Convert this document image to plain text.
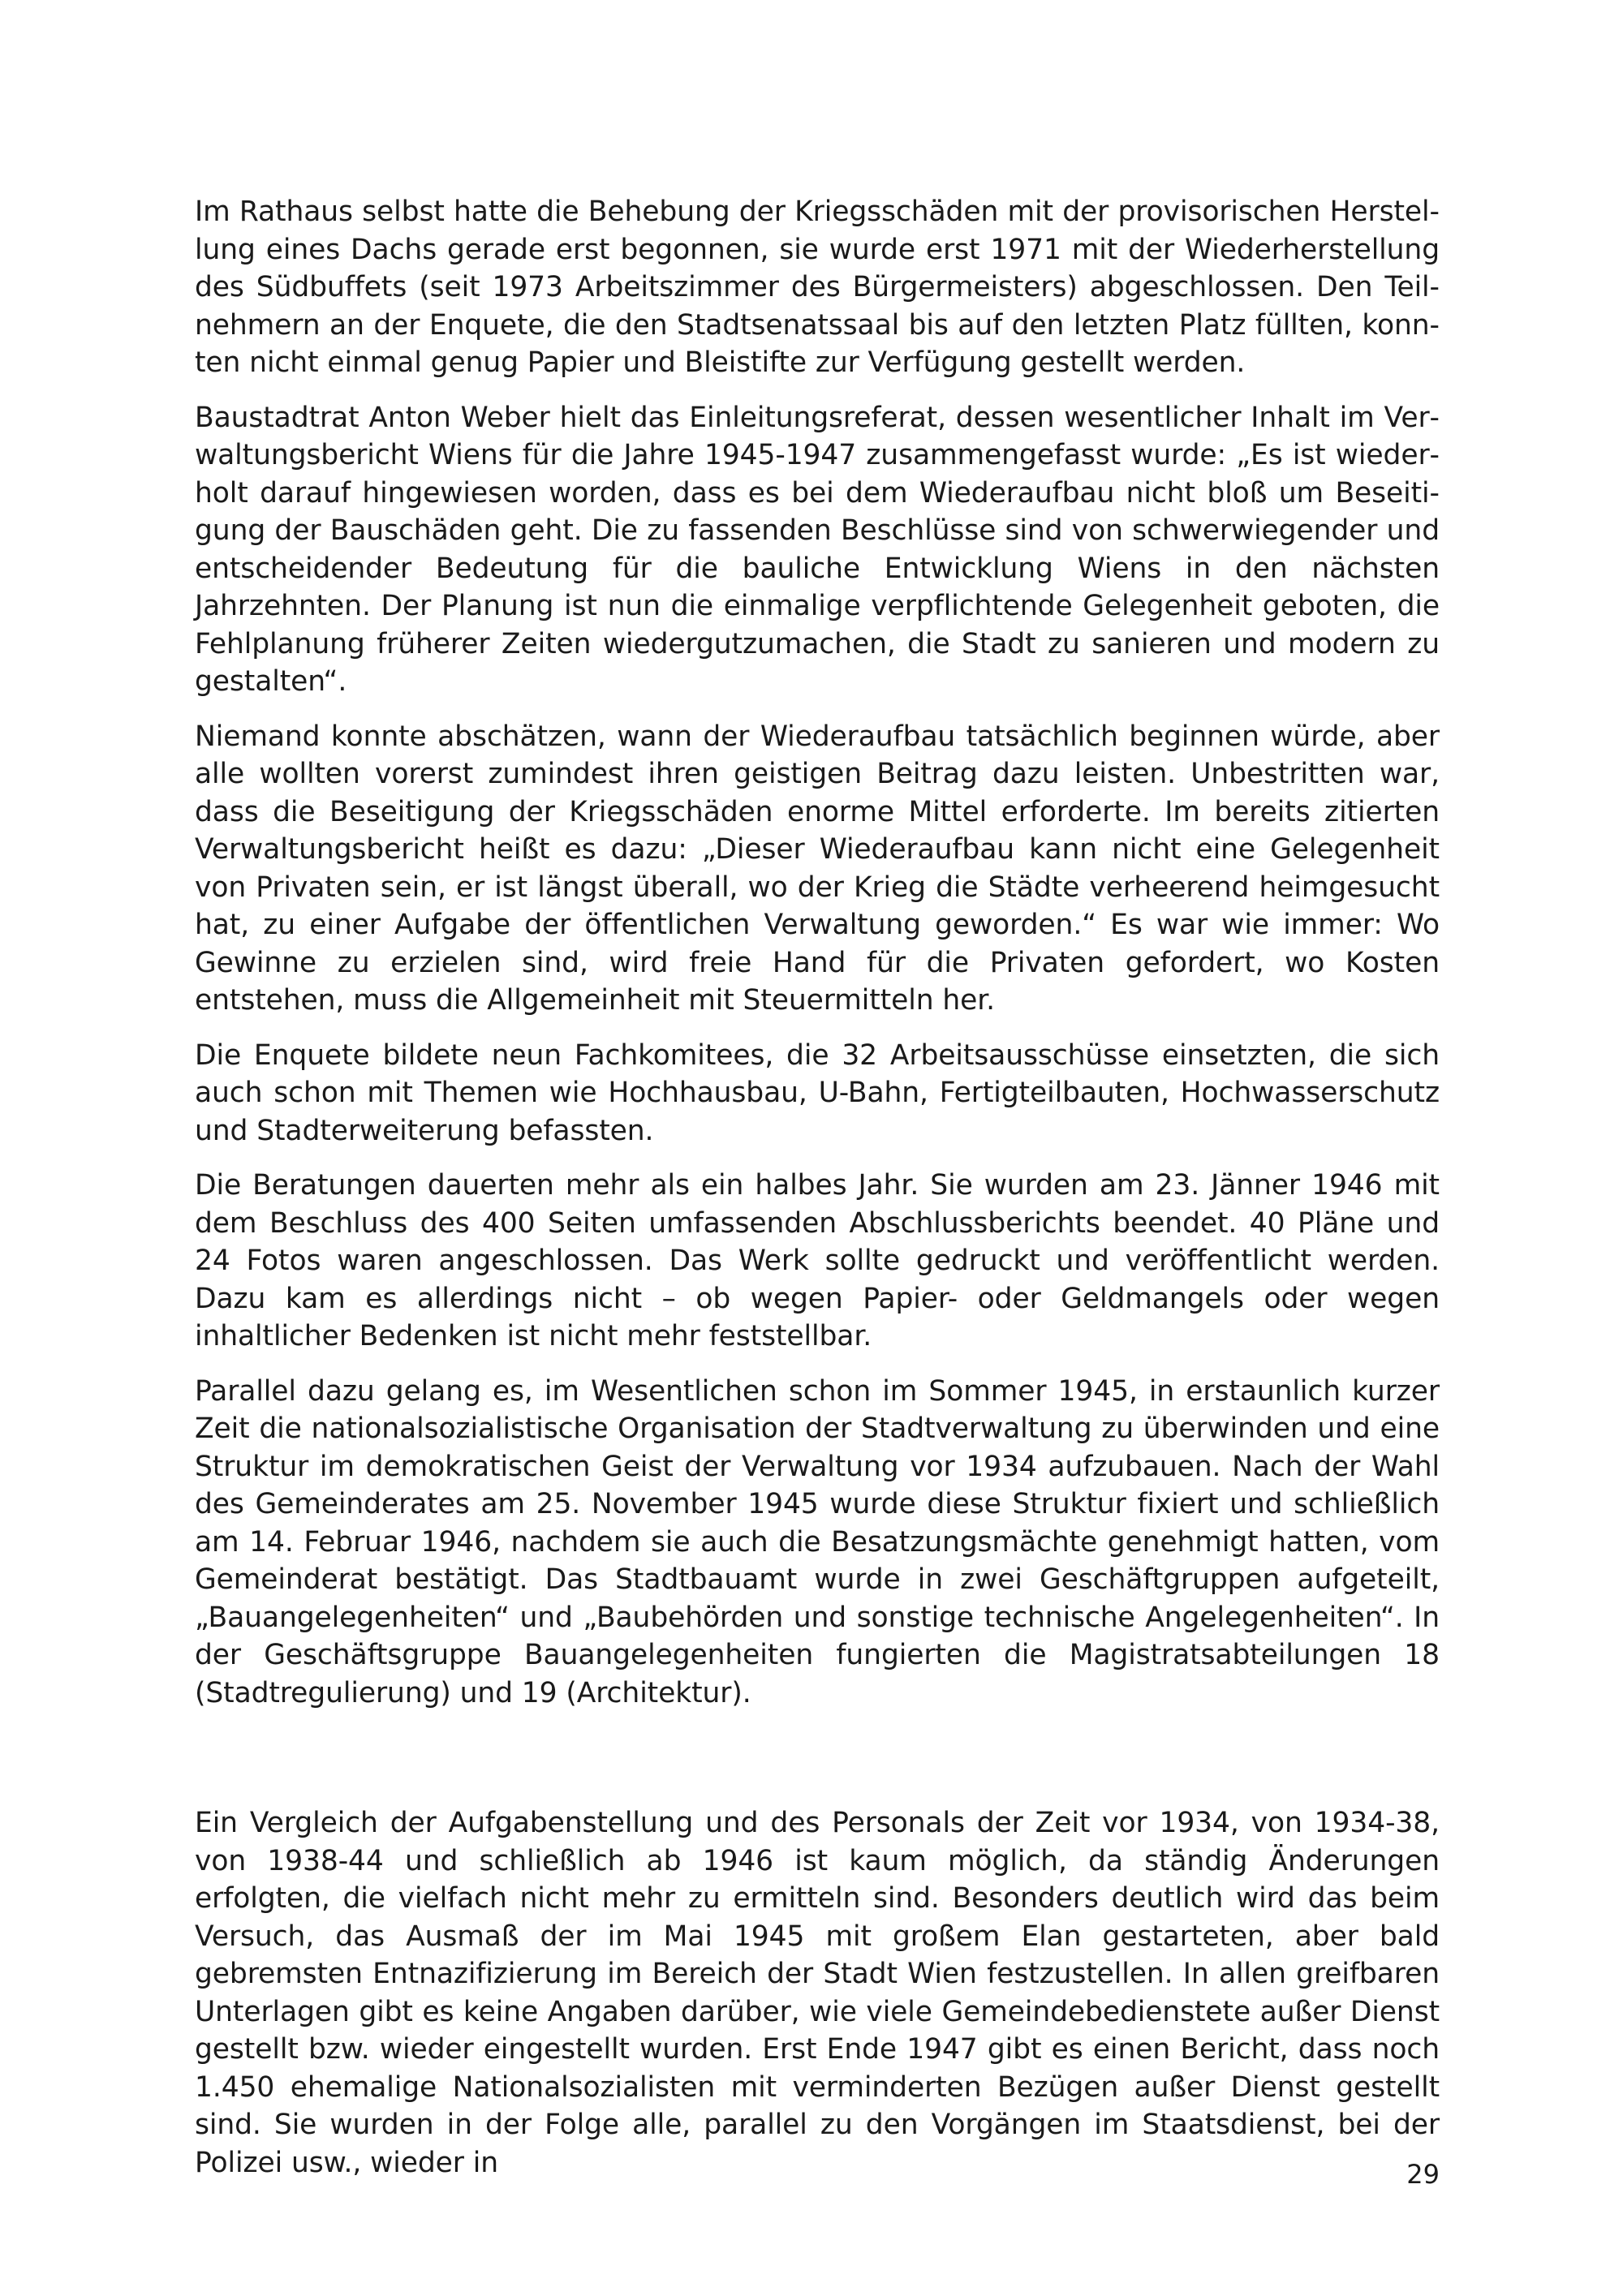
Im Rathaus selbst hatte die Behebung der Kriegsschäden mit der provisorischen Herstellung eines Dachs gerade erst begonnen, sie wurde erst 1971 mit der Wiederherstellung des Südbuffets (seit 1973 Arbeitszimmer des Bürgermeisters) abgeschlossen. Den Teilnehmern an der Enquete, die den Stadtsenatssaal bis auf den letzten Platz füllten, konnten nicht einmal genug Papier und Bleistifte zur Verfügung gestellt werden.

Baustadtrat Anton Weber hielt das Einleitungsreferat, dessen wesentlicher Inhalt im Verwaltungsbericht Wiens für die Jahre 1945-1947 zusammengefasst wurde: „Es ist wiederholt darauf hingewiesen worden, dass es bei dem Wiederaufbau nicht bloß um Beseitigung der Bauschäden geht. Die zu fassenden Beschlüsse sind von schwerwiegender und entscheidender Bedeutung für die bauliche Entwicklung Wiens in den nächsten Jahrzehnten. Der Planung ist nun die einmalige verpflichtende Gelegenheit geboten, die Fehlplanung früherer Zeiten wiedergutzumachen, die Stadt zu sanieren und modern zu gestalten“.

Niemand konnte abschätzen, wann der Wiederaufbau tatsächlich beginnen würde, aber alle wollten vorerst zumindest ihren geistigen Beitrag dazu leisten. Unbestritten war, dass die Beseitigung der Kriegsschäden enorme Mittel erforderte. Im bereits zitierten Verwaltungsbericht heißt es dazu: „Dieser Wiederaufbau kann nicht eine Gelegenheit von Privaten sein, er ist längst überall, wo der Krieg die Städte verheerend heimgesucht hat, zu einer Aufgabe der öffentlichen Verwaltung geworden.“ Es war wie immer: Wo Gewinne zu erzielen sind, wird freie Hand für die Privaten gefordert, wo Kosten entstehen, muss die Allgemeinheit mit Steuermitteln her.

Die Enquete bildete neun Fachkomitees, die 32 Arbeitsausschüsse einsetzten, die sich auch schon mit Themen wie Hochhausbau, U-Bahn, Fertigteilbauten, Hochwasserschutz und Stadterweiterung befassten.

Die Beratungen dauerten mehr als ein halbes Jahr. Sie wurden am 23. Jänner 1946 mit dem Beschluss des 400 Seiten umfassenden Abschlussberichts beendet. 40 Pläne und 24 Fotos waren angeschlossen. Das Werk sollte gedruckt und veröffentlicht werden. Dazu kam es allerdings nicht – ob wegen Papier- oder Geldmangels oder wegen inhaltlicher Bedenken ist nicht mehr feststellbar.

Parallel dazu gelang es, im Wesentlichen schon im Sommer 1945, in erstaunlich kurzer Zeit die nationalsozialistische Organisation der Stadtverwaltung zu überwinden und eine Struktur im demokratischen Geist der Verwaltung vor 1934 aufzubauen. Nach der Wahl des Gemeinderates am 25. November 1945 wurde diese Struktur fixiert und schließlich am 14. Februar 1946, nachdem sie auch die Besatzungsmächte genehmigt hatten, vom Gemeinderat bestätigt. Das Stadtbauamt wurde in zwei Geschäftgruppen aufgeteilt, „Bauangelegenheiten“ und „Baubehörden und sonstige technische Angelegenheiten“. In der Geschäftsgruppe Bauangelegenheiten fungierten die Magistratsabteilungen 18 (Stadtregulierung) und 19 (Architektur).

Ein Vergleich der Aufgabenstellung und des Personals der Zeit vor 1934, von 1934-38, von 1938-44 und schließlich ab 1946 ist kaum möglich, da ständig Änderungen erfolgten, die vielfach nicht mehr zu ermitteln sind. Besonders deutlich wird das beim Versuch, das Ausmaß der im Mai 1945 mit großem Elan gestarteten, aber bald gebremsten Entnazifizierung im Bereich der Stadt Wien festzustellen. In allen greifbaren Unterlagen gibt es keine Angaben darüber, wie viele Gemeindebedienstete außer Dienst gestellt bzw. wieder eingestellt wurden. Erst Ende 1947 gibt es einen Bericht, dass noch 1.450 ehemalige Nationalsozialisten mit verminderten Bezügen außer Dienst gestellt sind. Sie wurden in der Folge alle, parallel zu den Vorgängen im Staatsdienst, bei der Polizei usw., wieder in	29
